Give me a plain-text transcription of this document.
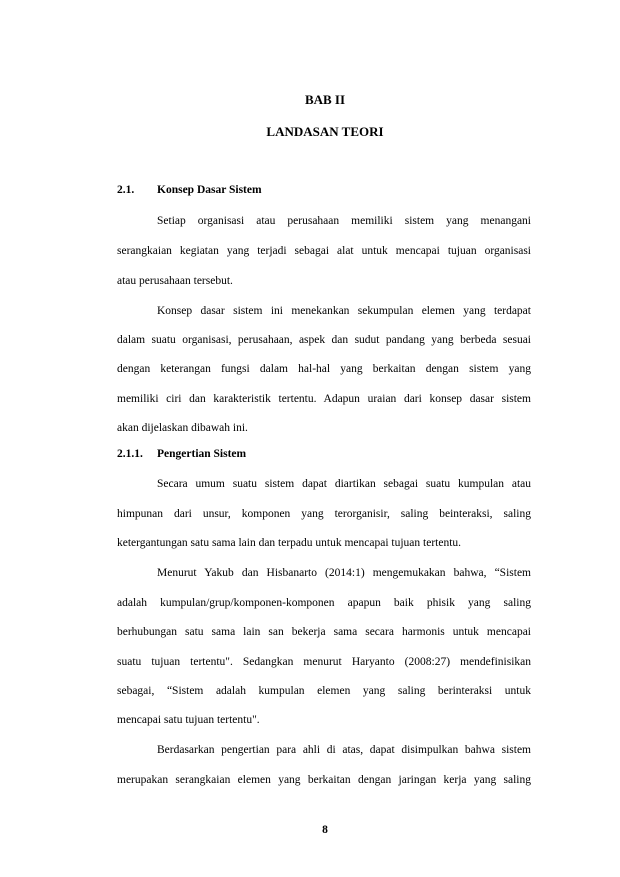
BAB II
LANDASAN TEORI
2.1. Konsep Dasar Sistem
Setiap organisasi atau perusahaan memiliki sistem yang menangani
serangkaian kegiatan yang terjadi sebagai alat untuk mencapai tujuan organisasi
atau perusahaan tersebut.
Konsep dasar sistem ini menekankan sekumpulan elemen yang terdapat
dalam suatu organisasi, perusahaan, aspek dan sudut pandang yang berbeda sesuai
dengan keterangan fungsi dalam hal-hal yang berkaitan dengan sistem yang
memiliki ciri dan karakteristik tertentu. Adapun uraian dari konsep dasar sistem
akan dijelaskan dibawah ini.
2.1.1. Pengertian Sistem
Secara umum suatu sistem dapat diartikan sebagai suatu kumpulan atau
himpunan dari unsur, komponen yang terorganisir, saling beinteraksi, saling
ketergantungan satu sama lain dan terpadu untuk mencapai tujuan tertentu.
Menurut Yakub dan Hisbanarto (2014:1) mengemukakan bahwa, “Sistem
adalah kumpulan/grup/komponen-komponen apapun baik phisik yang saling
berhubungan satu sama lain san bekerja sama secara harmonis untuk mencapai
suatu tujuan tertentu". Sedangkan menurut Haryanto (2008:27) mendefinisikan
sebagai, “Sistem adalah kumpulan elemen yang saling berinteraksi untuk
mencapai satu tujuan tertentu".
Berdasarkan pengertian para ahli di atas, dapat disimpulkan bahwa sistem
merupakan serangkaian elemen yang berkaitan dengan jaringan kerja yang saling
8
